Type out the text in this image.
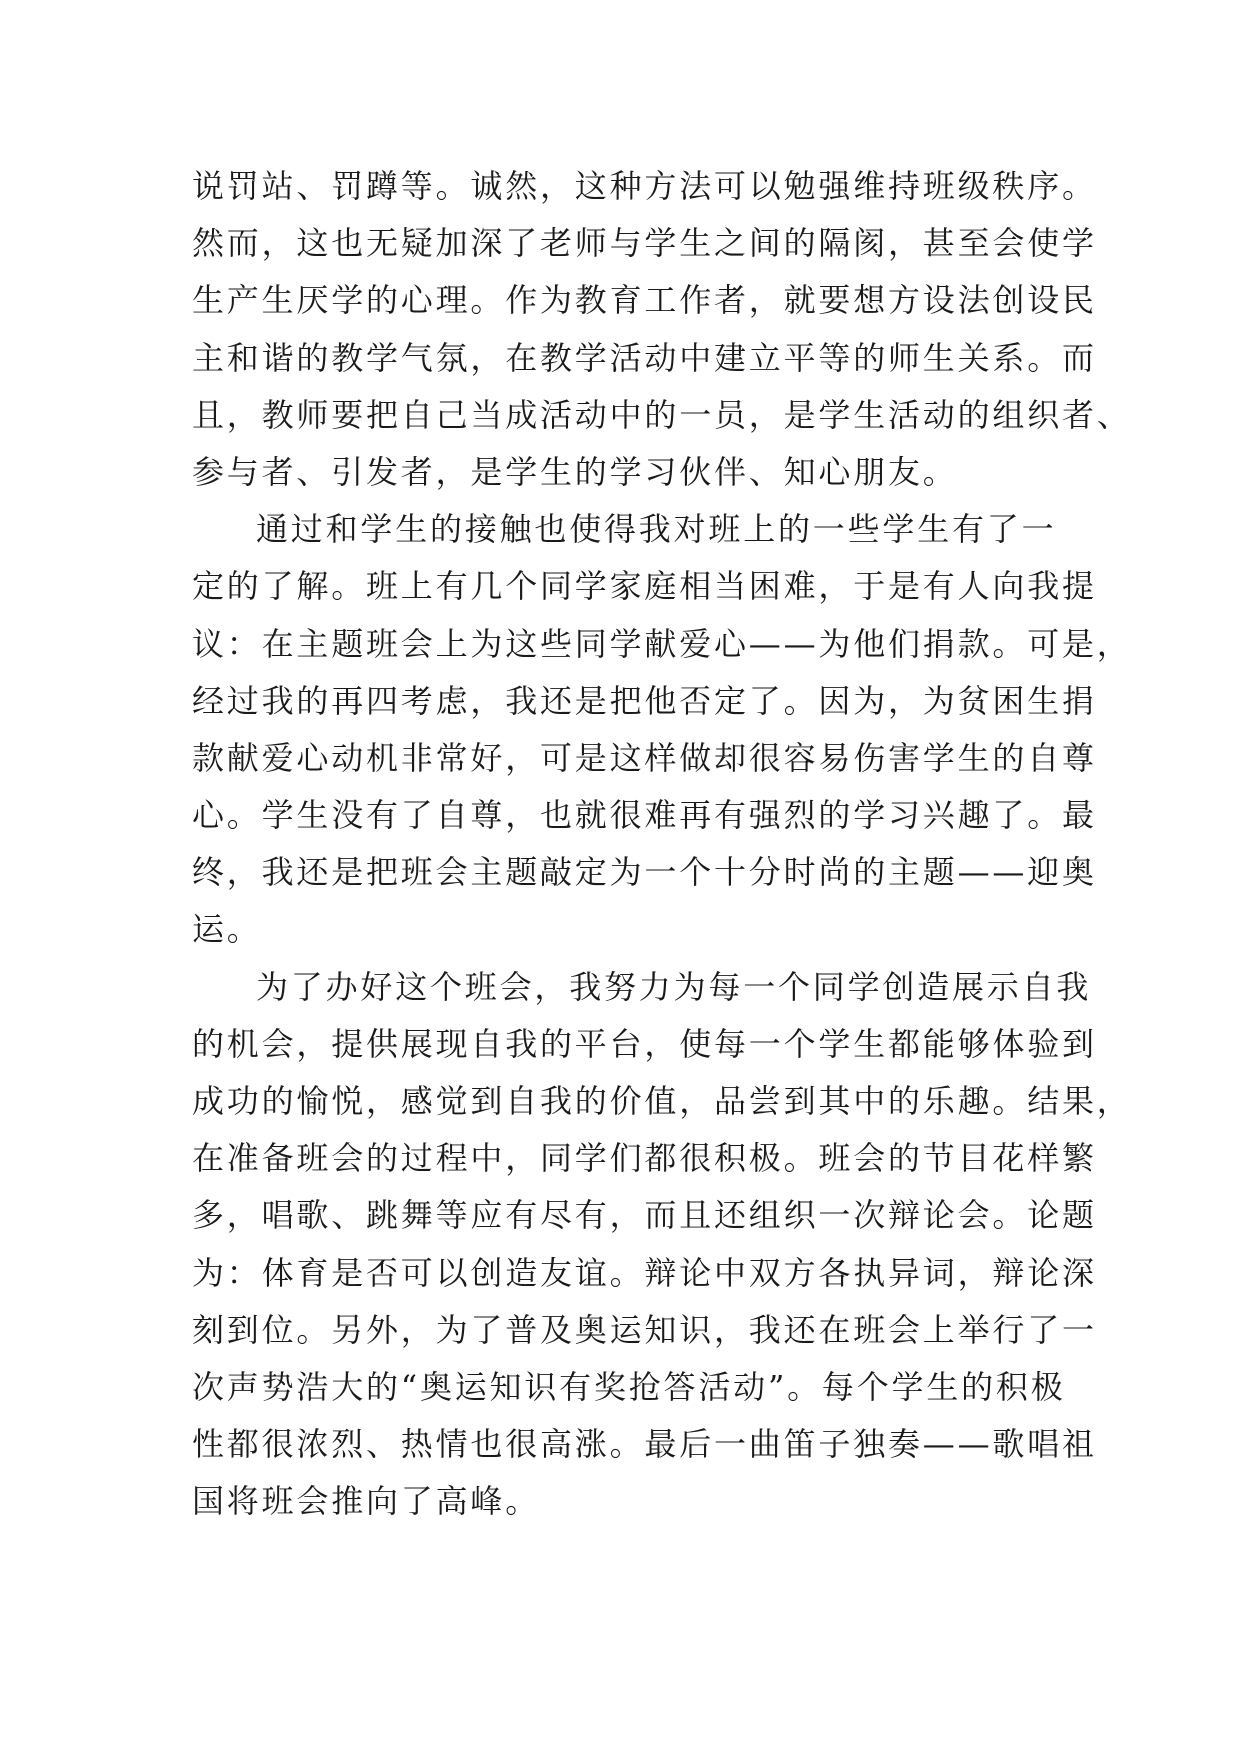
说罚站、罚蹲等。诚然，这种方法可以勉强维持班级秩序。
然而，这也无疑加深了老师与学生之间的隔阂，甚至会使学
生产生厌学的心理。作为教育工作者，就要想方设法创设民
主和谐的教学气氛，在教学活动中建立平等的师生关系。而
且，教师要把自己当成活动中的一员，是学生活动的组织者、
参与者、引发者，是学生的学习伙伴、知心朋友。
通过和学生的接触也使得我对班上的一些学生有了一
定的了解。班上有几个同学家庭相当困难，于是有人向我提
议：在主题班会上为这些同学献爱心——为他们捐款。可是，
经过我的再四考虑，我还是把他否定了。因为，为贫困生捐
款献爱心动机非常好，可是这样做却很容易伤害学生的自尊
心。学生没有了自尊，也就很难再有强烈的学习兴趣了。最
终，我还是把班会主题敲定为一个十分时尚的主题——迎奥
运。
为了办好这个班会，我努力为每一个同学创造展示自我
的机会，提供展现自我的平台，使每一个学生都能够体验到
成功的愉悦，感觉到自我的价值，品尝到其中的乐趣。结果，
在准备班会的过程中，同学们都很积极。班会的节目花样繁
多，唱歌、跳舞等应有尽有，而且还组织一次辩论会。论题
为：体育是否可以创造友谊。辩论中双方各执异词，辩论深
刻到位。另外，为了普及奥运知识，我还在班会上举行了一
次声势浩大的“奥运知识有奖抢答活动”。每个学生的积极
性都很浓烈、热情也很高涨。最后一曲笛子独奏——歌唱祖
国将班会推向了高峰。
